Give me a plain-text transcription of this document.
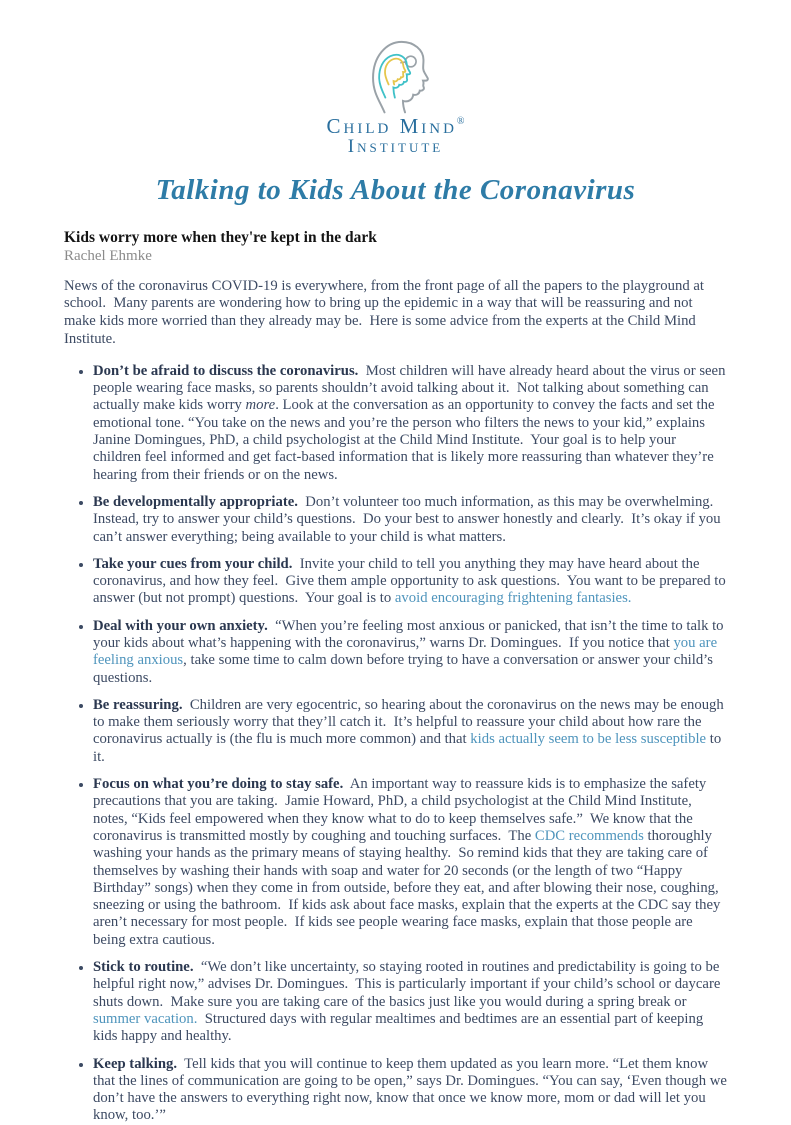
Child Mind®
Institute
Talking to Kids About the Coronavirus
Kids worry more when they're kept in the dark
Rachel Ehmke

News of the coronavirus COVID-19 is everywhere, from the front page of all the papers to the playground at school.  Many parents are wondering how to bring up the epidemic in a way that will be reassuring and not make kids more worried than they already may be.  Here is some advice from the experts at the Child Mind Institute.

• Don’t be afraid to discuss the coronavirus.  Most children will have already heard about the virus or seen people wearing face masks, so parents shouldn’t avoid talking about it.  Not talking about something can actually make kids worry more. Look at the conversation as an opportunity to convey the facts and set the emotional tone. “You take on the news and you’re the person who filters the news to your kid,” explains Janine Domingues, PhD, a child psychologist at the Child Mind Institute.  Your goal is to help your children feel informed and get fact-based information that is likely more reassuring than whatever they’re hearing from their friends or on the news.
• Be developmentally appropriate.  Don’t volunteer too much information, as this may be overwhelming.  Instead, try to answer your child’s questions.  Do your best to answer honestly and clearly.  It’s okay if you can’t answer everything; being available to your child is what matters.
• Take your cues from your child.  Invite your child to tell you anything they may have heard about the coronavirus, and how they feel.  Give them ample opportunity to ask questions.  You want to be prepared to answer (but not prompt) questions.  Your goal is to avoid encouraging frightening fantasies.
• Deal with your own anxiety.  “When you’re feeling most anxious or panicked, that isn’t the time to talk to your kids about what’s happening with the coronavirus,” warns Dr. Domingues.  If you notice that you are feeling anxious, take some time to calm down before trying to have a conversation or answer your child’s questions.
• Be reassuring.  Children are very egocentric, so hearing about the coronavirus on the news may be enough to make them seriously worry that they’ll catch it.  It’s helpful to reassure your child about how rare the coronavirus actually is (the flu is much more common) and that kids actually seem to be less susceptible to it.
• Focus on what you’re doing to stay safe.  An important way to reassure kids is to emphasize the safety precautions that you are taking.  Jamie Howard, PhD, a child psychologist at the Child Mind Institute, notes, “Kids feel empowered when they know what to do to keep themselves safe.”  We know that the coronavirus is transmitted mostly by coughing and touching surfaces.  The CDC recommends thoroughly washing your hands as the primary means of staying healthy.  So remind kids that they are taking care of themselves by washing their hands with soap and water for 20 seconds (or the length of two “Happy Birthday” songs) when they come in from outside, before they eat, and after blowing their nose, coughing, sneezing or using the bathroom.  If kids ask about face masks, explain that the experts at the CDC say they aren’t necessary for most people.  If kids see people wearing face masks, explain that those people are being extra cautious.
• Stick to routine.  “We don’t like uncertainty, so staying rooted in routines and predictability is going to be helpful right now,” advises Dr. Domingues.  This is particularly important if your child’s school or daycare shuts down.  Make sure you are taking care of the basics just like you would during a spring break or summer vacation.  Structured days with regular mealtimes and bedtimes are an essential part of keeping kids happy and healthy.
• Keep talking.  Tell kids that you will continue to keep them updated as you learn more. “Let them know that the lines of communication are going to be open,” says Dr. Domingues. “You can say, ‘Even though we don’t have the answers to everything right now, know that once we know more, mom or dad will let you know, too.’”
